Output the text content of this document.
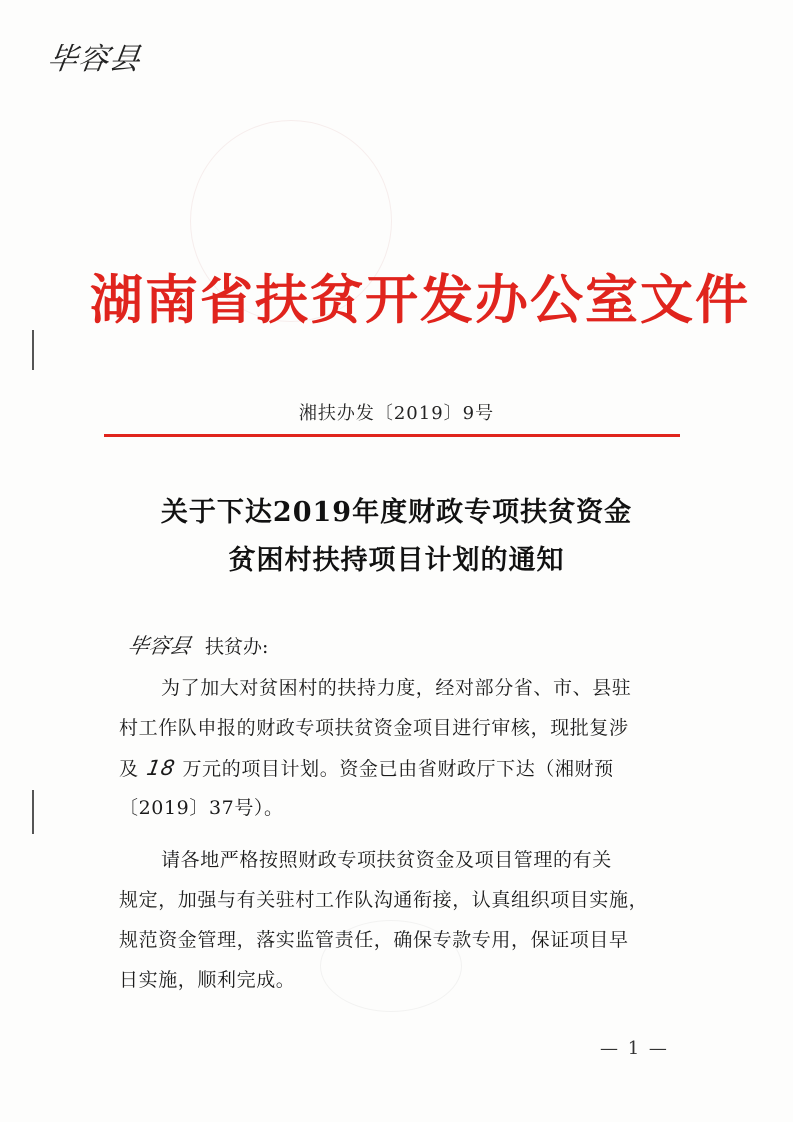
毕容县
湖南省扶贫开发办公室文件
湘扶办发〔2019〕9号
关于下达2019年度财政专项扶贫资金
贫困村扶持项目计划的通知
毕容县 扶贫办:
为了加大对贫困村的扶持力度，经对部分省、市、县驻
村工作队申报的财政专项扶贫资金项目进行审核，现批复涉
及 18 万元的项目计划。资金已由省财政厅下达（湘财预
〔2019〕37号）。
请各地严格按照财政专项扶贫资金及项目管理的有关
规定，加强与有关驻村工作队沟通衔接，认真组织项目实施，
规范资金管理，落实监管责任，确保专款专用，保证项目早
日实施，顺利完成。
— 1 —
